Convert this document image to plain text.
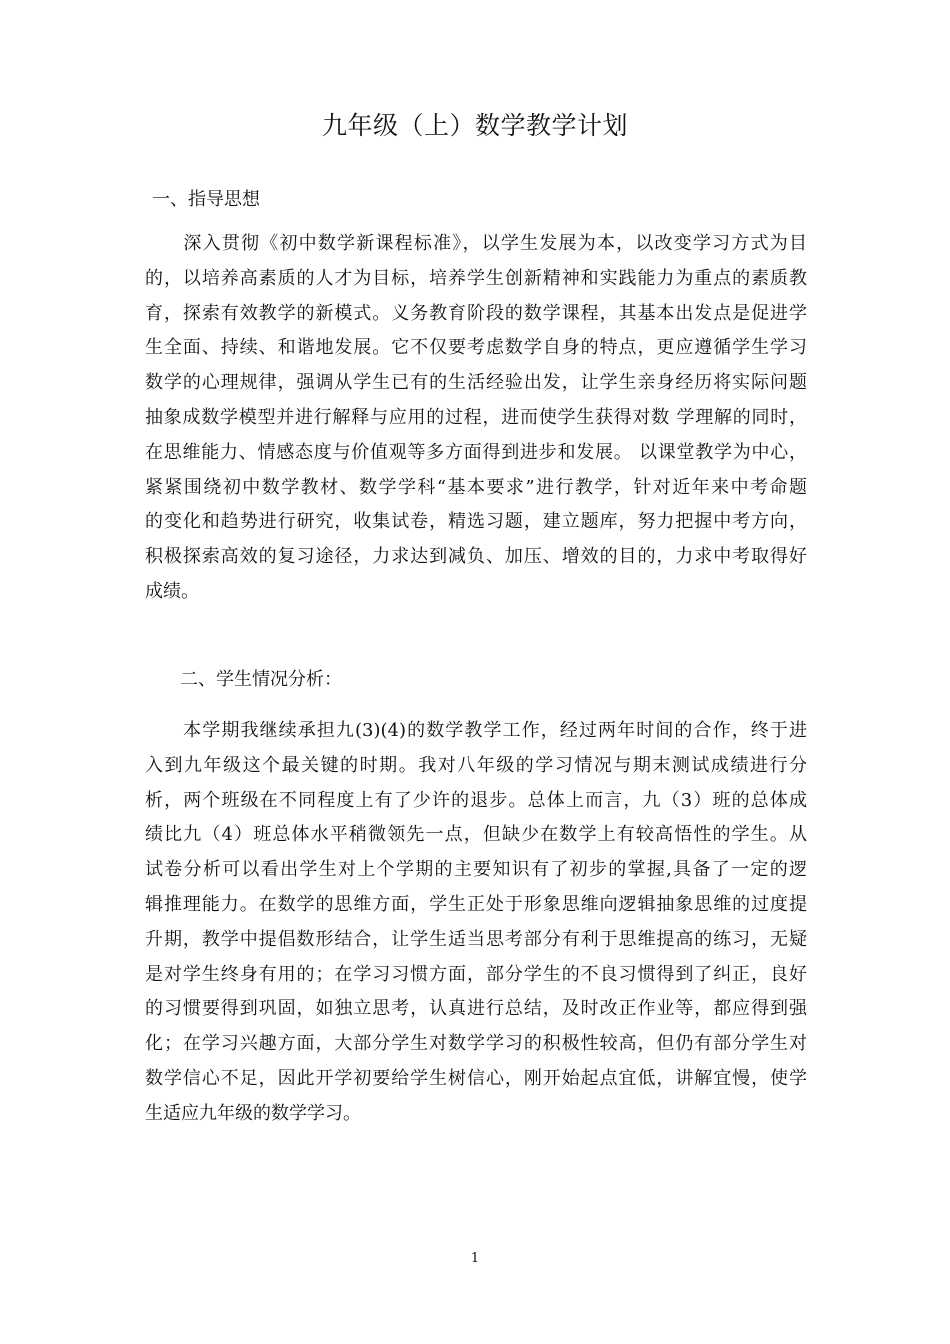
九年级（上）数学教学计划
一、指导思想
　　深入贯彻《初中数学新课程标准》，以学生发展为本，以改变学习方式为目
的，以培养高素质的人才为目标，培养学生创新精神和实践能力为重点的素质教
育，探索有效教学的新模式。义务教育阶段的数学课程，其基本出发点是促进学
生全面、持续、和谐地发展。它不仅要考虑数学自身的特点，更应遵循学生学习
数学的心理规律，强调从学生已有的生活经验出发，让学生亲身经历将实际问题
抽象成数学模型并进行解释与应用的过程，进而使学生获得对数 学理解的同时，
在思维能力、情感态度与价值观等多方面得到进步和发展。 以课堂教学为中心，
紧紧围绕初中数学教材、数学学科“基本要求”进行教学，针对近年来中考命题
的变化和趋势进行研究，收集试卷，精选习题，建立题库，努力把握中考方向，
积极探索高效的复习途径，力求达到减负、加压、增效的目的，力求中考取得好
成绩。
二、学生情况分析：
　　本学期我继续承担九(3)(4)的数学教学工作，经过两年时间的合作，终于进
入到九年级这个最关键的时期。我对八年级的学习情况与期末测试成绩进行分
析，两个班级在不同程度上有了少许的退步。总体上而言，九（3）班的总体成
绩比九（4）班总体水平稍微领先一点，但缺少在数学上有较高悟性的学生。从
试卷分析可以看出学生对上个学期的主要知识有了初步的掌握,具备了一定的逻
辑推理能力。在数学的思维方面，学生正处于形象思维向逻辑抽象思维的过度提
升期，教学中提倡数形结合，让学生适当思考部分有利于思维提高的练习，无疑
是对学生终身有用的；在学习习惯方面，部分学生的不良习惯得到了纠正，良好
的习惯要得到巩固，如独立思考，认真进行总结，及时改正作业等，都应得到强
化；在学习兴趣方面，大部分学生对数学学习的积极性较高，但仍有部分学生对
数学信心不足，因此开学初要给学生树信心，刚开始起点宜低，讲解宜慢，使学
生适应九年级的数学学习。
1
